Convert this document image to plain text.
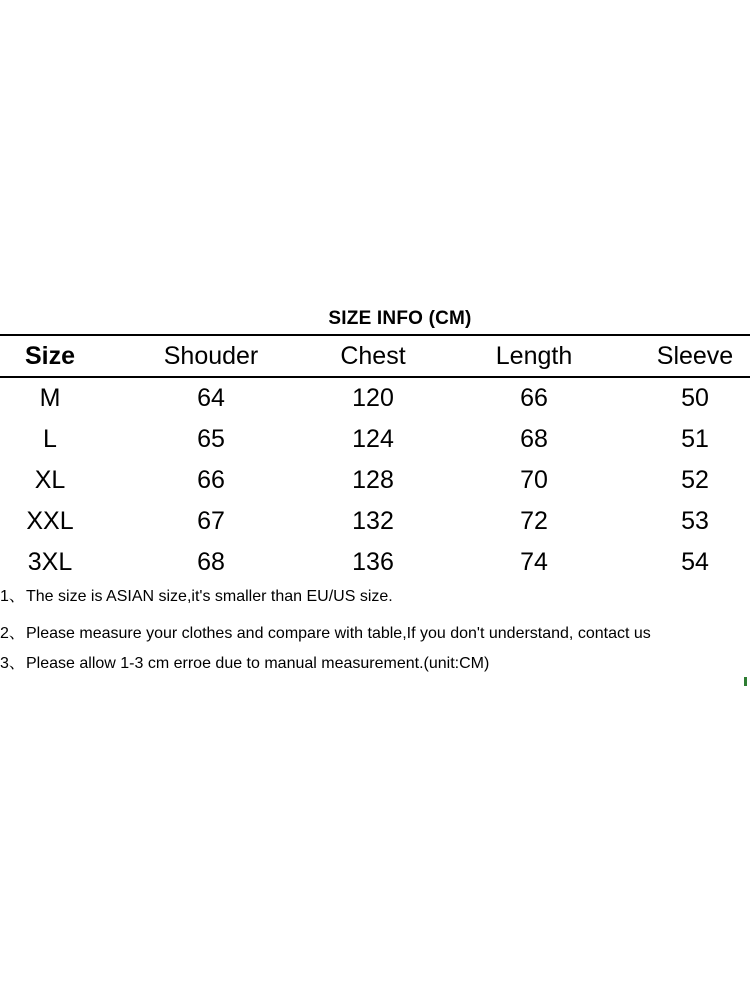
SIZE INFO (CM)
Size	Shouder	Chest	Length	Sleeve
M	64	120	66	50
L	65	124	68	51
XL	66	128	70	52
XXL	67	132	72	53
3XL	68	136	74	54
1、The size is ASIAN size,it's smaller than EU/US size.
2、Please measure your clothes and compare with table,If you don't understand, contact us
3、Please allow 1-3 cm erroe due to manual measurement.(unit:CM)
